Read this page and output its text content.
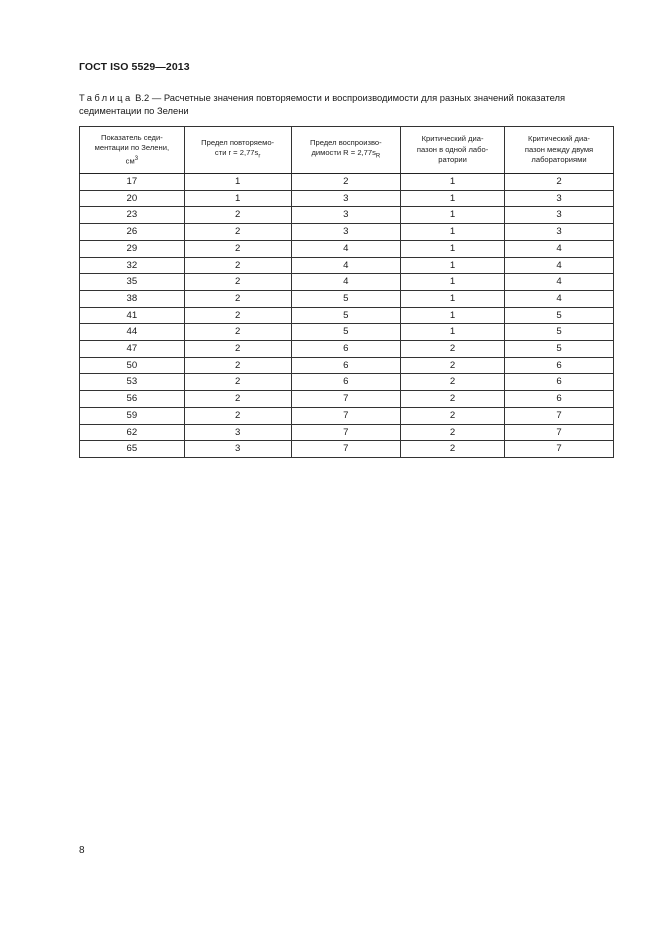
ГОСТ ISO 5529—2013
Таблица В.2 — Расчетные значения повторяемости и воспроизводимости для разных значений показателя седиментации по Зелени
Показатель седи-
ментации по Зелени,
$см^3$	Предел повторяемо-
сти $r = 2,77s_r$	Предел воспроизво-
димости $R = 2,77s_R$	Критический диа-
пазон в одной лабо-
ратории	Критический диа-
пазон между двумя
лабораториями
17	1	2	1	2
20	1	3	1	3
23	2	3	1	3
26	2	3	1	3
29	2	4	1	4
32	2	4	1	4
35	2	4	1	4
38	2	5	1	4
41	2	5	1	5
44	2	5	1	5
47	2	6	2	5
50	2	6	2	6
53	2	6	2	6
56	2	7	2	6
59	2	7	2	7
62	3	7	2	7
65	3	7	2	7
8
